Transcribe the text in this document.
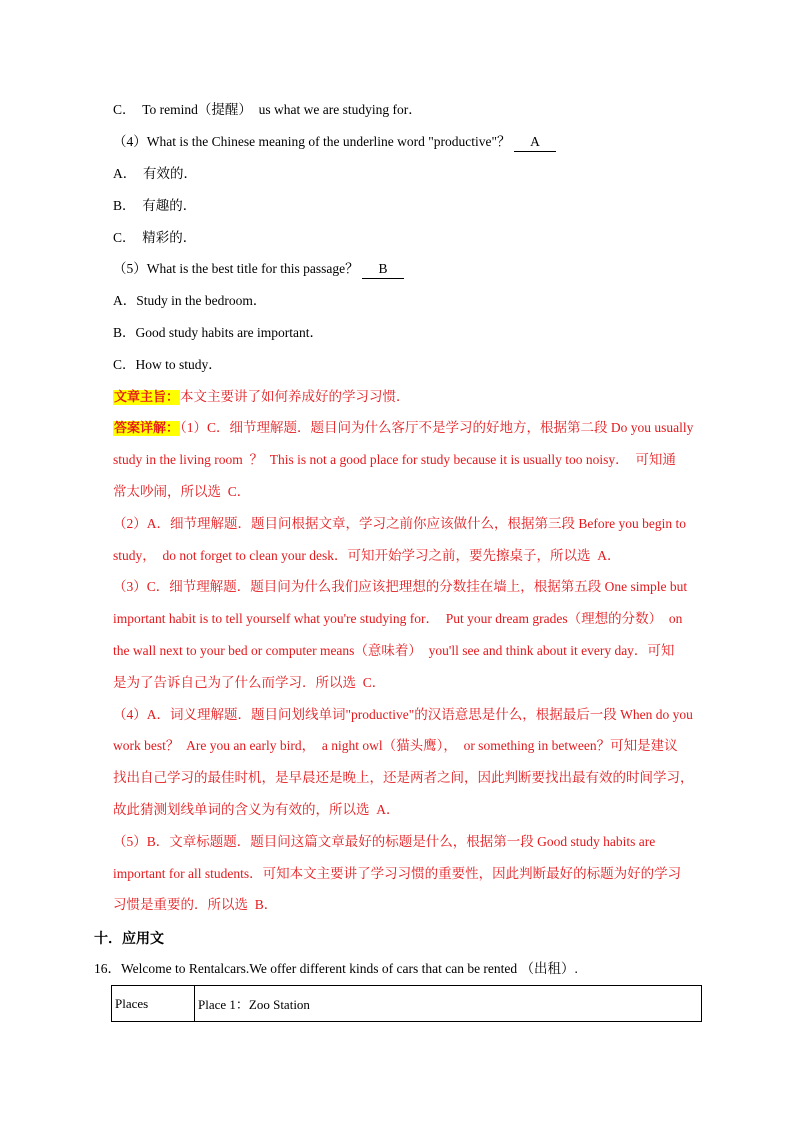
C．  To remind（提醒）  us what we are studying for．
（4）What is the Chinese meaning of the underline word "productive"？ A
A．  有效的．
B．  有趣的．
C．  精彩的．
（5）What is the best title for this passage？ B
A．Study in the bedroom．
B．Good study habits are important．
C．How to study．
文章主旨：本文主要讲了如何养成好的学习习惯．
答案详解：（1）C．细节理解题．题目问为什么客厅不是学习的好地方，根据第二段 Do you usually
study in the living room  ？  This is not a good place for study because it is usually too noisy．  可知通
常太吵闹，所以选  C．
（2）A．细节理解题．题目问根据文章，学习之前你应该做什么，根据第三段 Before you begin to
study，  do not forget to clean your desk．可知开始学习之前，要先擦桌子，所以选  A．
（3）C．细节理解题．题目问为什么我们应该把理想的分数挂在墙上，根据第五段 One simple but
important habit is to tell yourself what you're studying for．  Put your dream grades（理想的分数）  on
the wall next to your bed or computer means（意味着）  you'll see and think about it every day．可知
是为了告诉自己为了什么而学习．所以选  C．
（4）A．词义理解题．题目问划线单词"productive"的汉语意思是什么，根据最后一段 When do you
work best？  Are you an early bird，  a night owl（猫头鹰），  or something in between？可知是建议
找出自己学习的最佳时机，是早晨还是晚上，还是两者之间，因此判断要找出最有效的时间学习，
故此猜测划线单词的含义为有效的，所以选  A．
（5）B．文章标题题．题目问这篇文章最好的标题是什么，根据第一段 Good study habits are
important for all students．可知本文主要讲了学习习惯的重要性，因此判断最好的标题为好的学习
习惯是重要的．所以选  B．
十．应用文
16．Welcome to Rentalcars.We offer different kinds of cars that can be rented （出租）.
Places	Place 1：Zoo Station
